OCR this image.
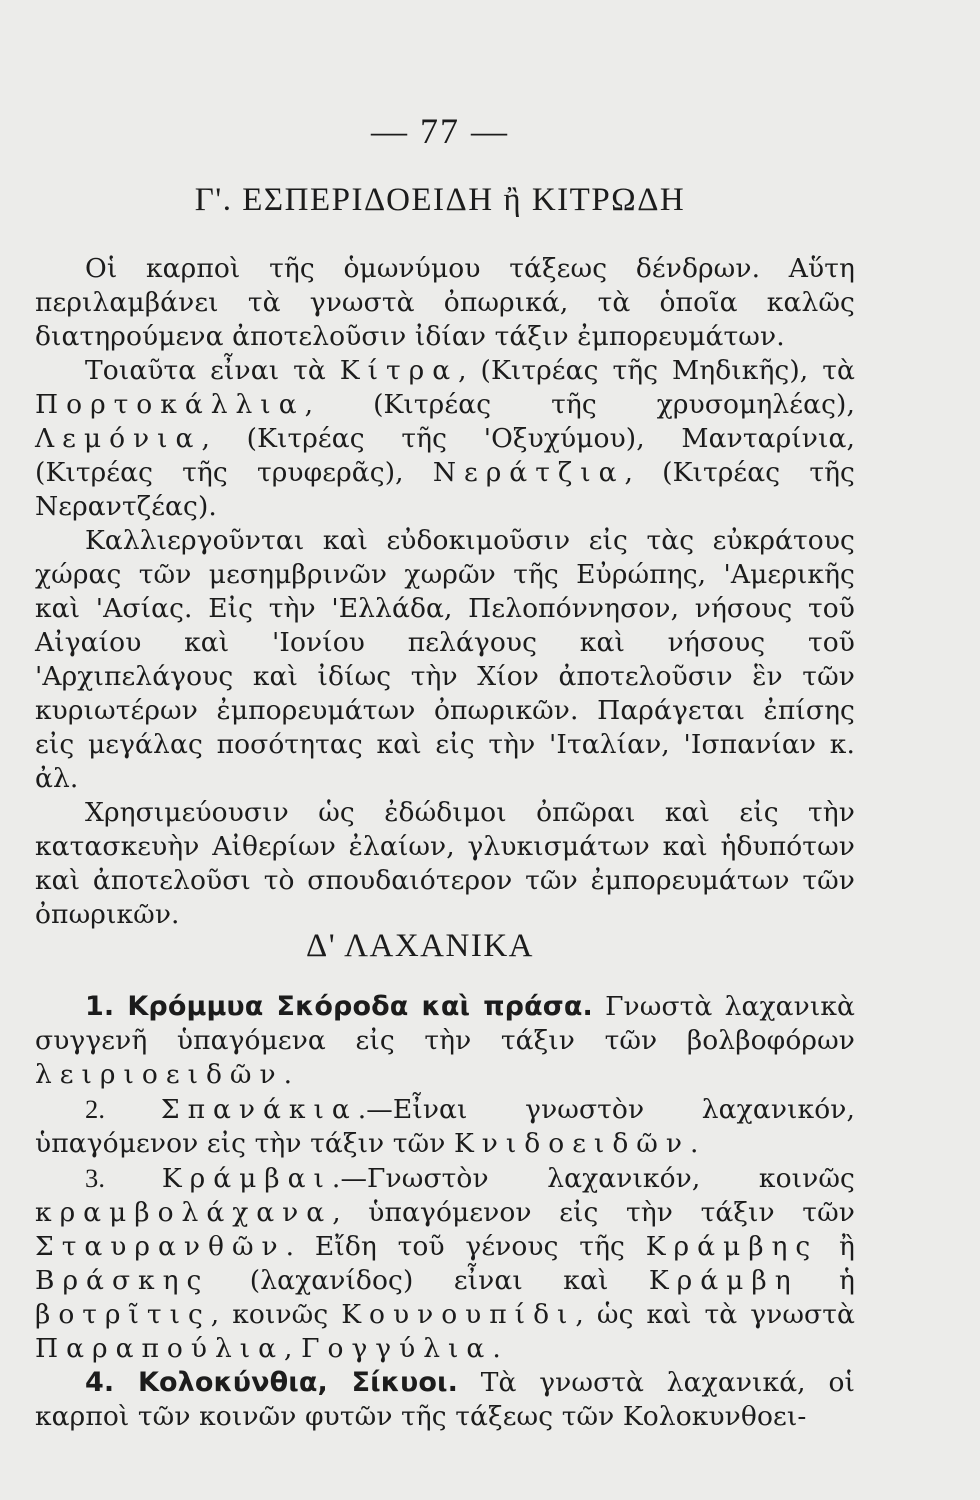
— 77 —
Γ'. ΕΣΠΕΡΙΔΟΕΙΔΗ ἢ ΚΙΤΡΩΔΗ

Οἱ καρποὶ τῆς ὁμωνύμου τάξεως δένδρων. Αὕτη περιλαμβάνει τὰ γνωστὰ ὀπωρικά, τὰ ὁποῖα καλῶς διατηρούμενα ἀποτελοῦσιν ἰδίαν τάξιν ἐμπορευμάτων.

Τοιαῦτα εἶναι τὰ Κίτρα, (Κιτρέας τῆς Μηδικῆς), τὰ Πορτοκάλλια, (Κιτρέας τῆς χρυσομηλέας), Λεμόνια, (Κιτρέας τῆς 'Οξυχύμου), Μανταρίνια, (Κιτρέας τῆς τρυφερᾶς), Νεράτζια, (Κιτρέας τῆς Νεραντζέας).

Καλλιεργοῦνται καὶ εὐδοκιμοῦσιν εἰς τὰς εὐκράτους χώρας τῶν μεσημβρινῶν χωρῶν τῆς Εὐρώπης, 'Αμερικῆς καὶ 'Ασίας. Εἰς τὴν 'Ελλάδα, Πελοπόννησον, νήσους τοῦ Αἰγαίου καὶ 'Ιονίου πελάγους καὶ νήσους τοῦ 'Αρχιπελάγους καὶ ἰδίως τὴν Χίον ἀποτελοῦσιν ἓν τῶν κυριωτέρων ἐμπορευμάτων ὀπωρικῶν. Παράγεται ἐπίσης εἰς μεγάλας ποσότητας καὶ εἰς τὴν 'Ιταλίαν, 'Ισπανίαν κ. ἀλ.

Χρησιμεύουσιν ὡς ἐδώδιμοι ὀπῶραι καὶ εἰς τὴν κατασκευὴν Αἰθερίων ἐλαίων, γλυκισμάτων καὶ ἡδυπότων καὶ ἀποτελοῦσι τὸ σπουδαιότερον τῶν ἐμπορευμάτων τῶν ὀπωρικῶν.

Δ' ΛΑΧΑΝΙΚΑ

1. Κρόμμυα Σκόροδα καὶ πράσα. Γνωστὰ λαχανικὰ συγγενῆ ὑπαγόμενα εἰς τὴν τάξιν τῶν βολβοφόρων λειριοειδῶν.

2. Σπανάκια.—Εἶναι γνωστὸν λαχανικόν, ὑπαγόμενον εἰς τὴν τάξιν τῶν Κνιδοειδῶν.

3. Κράμβαι.—Γνωστὸν λαχανικόν, κοινῶς κραμβολάχανα, ὑπαγόμενον εἰς τὴν τάξιν τῶν Σταυρανθῶν. Εἴδη τοῦ γένους τῆς Κράμβης ἢ Βράσκης (λαχανίδος) εἶναι καὶ Κράμβη ἡ βοτρῖτις, κοινῶς Κουνουπίδι, ὡς καὶ τὰ γνωστὰ Παραπούλια, Γογγύλια.

4. Κολοκύνθια, Σίκυοι. Τὰ γνωστὰ λαχανικά, οἱ καρποὶ τῶν κοινῶν φυτῶν τῆς τάξεως τῶν Κολοκυνθοει-
